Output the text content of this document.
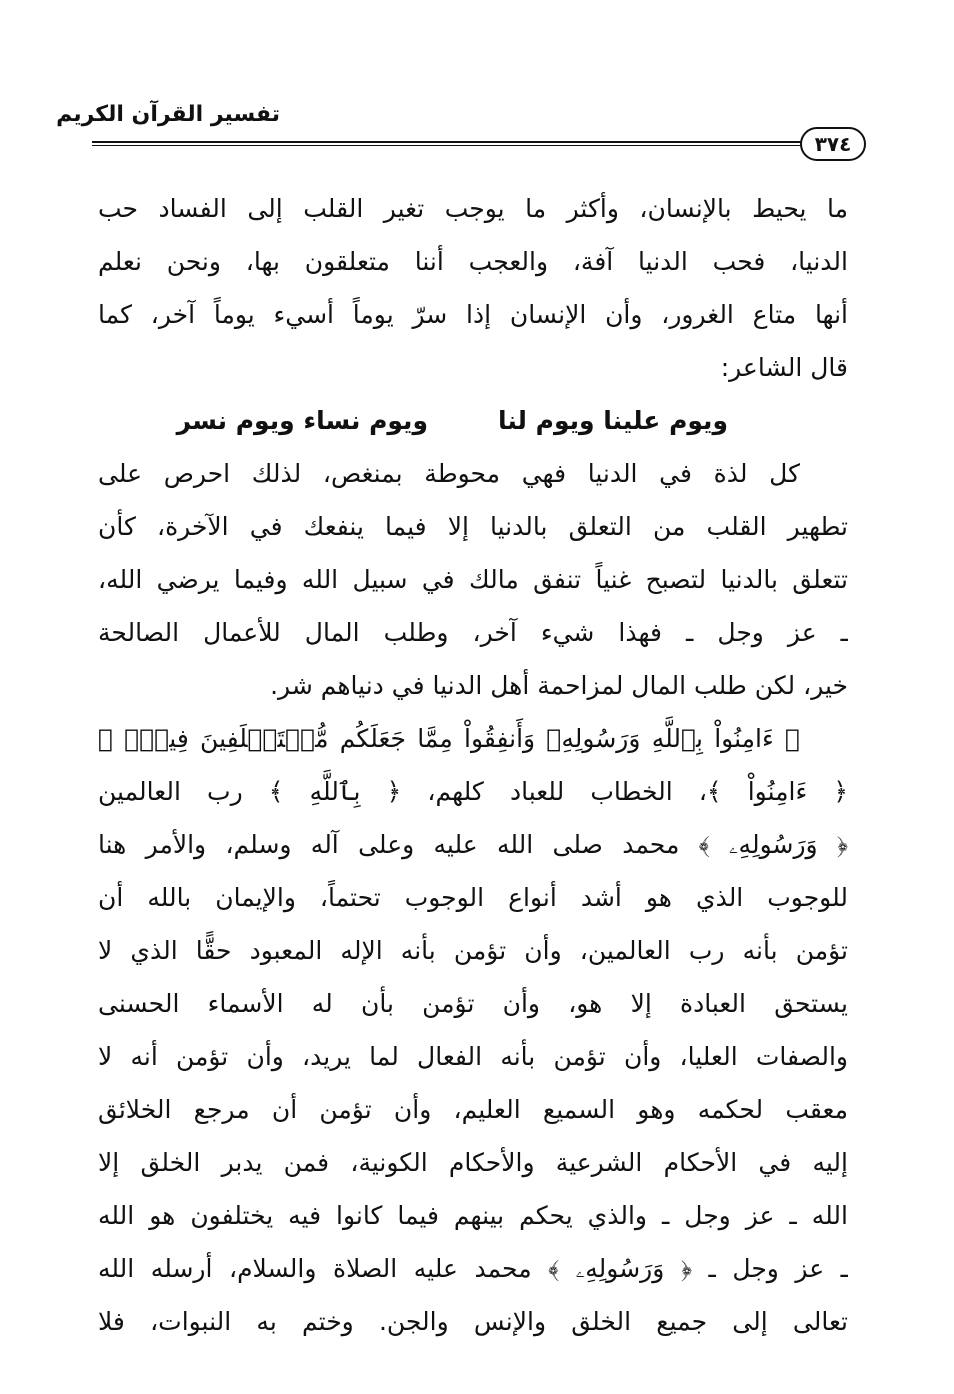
تفسير القرآن الكريم
٣٧٤
ما يحيط بالإنسان، وأكثر ما يوجب تغير القلب إلى الفساد حب
الدنيا، فحب الدنيا آفة، والعجب أننا متعلقون بها، ونحن نعلم
أنها متاع الغرور، وأن الإنسان إذا سرّ يوماً أسيء يوماً آخر، كما
قال الشاعر:
ويوم علينا ويوم لنا
ويوم نساء ويوم نسر
كل لذة في الدنيا فهي محوطة بمنغص، لذلك احرص على
تطهير القلب من التعلق بالدنيا إلا فيما ينفعك في الآخرة، كأن
تتعلق بالدنيا لتصبح غنياً تنفق مالك في سبيل الله وفيما يرضي الله،
ـ عز وجل ـ فهذا شيء آخر، وطلب المال للأعمال الصالحة
خير، لكن طلب المال لمزاحمة أهل الدنيا في دنياهم شر.
﴿ ءَامِنُواْ بِٱللَّهِ وَرَسُولِهِۦ وَأَنفِقُواْ مِمَّا جَعَلَكُم مُّسۡتَخۡلَفِينَ فِيهِۖ ﴾
﴿ ءَامِنُواْ ﴾، الخطاب للعباد كلهم، ﴿ بِٱللَّهِ ﴾ رب العالمين
﴿ وَرَسُولِهِۦ ﴾ محمد صلى الله عليه وعلى آله وسلم، والأمر هنا
للوجوب الذي هو أشد أنواع الوجوب تحتماً، والإيمان بالله أن
تؤمن بأنه رب العالمين، وأن تؤمن بأنه الإله المعبود حقًّا الذي لا
يستحق العبادة إلا هو، وأن تؤمن بأن له الأسماء الحسنى
والصفات العليا، وأن تؤمن بأنه الفعال لما يريد، وأن تؤمن أنه لا
معقب لحكمه وهو السميع العليم، وأن تؤمن أن مرجع الخلائق
إليه في الأحكام الشرعية والأحكام الكونية، فمن يدبر الخلق إلا
الله ـ عز وجل ـ والذي يحكم بينهم فيما كانوا فيه يختلفون هو الله
ـ عز وجل ـ ﴿ وَرَسُولِهِۦ ﴾ محمد عليه الصلاة والسلام، أرسله الله
تعالى إلى جميع الخلق والإنس والجن. وختم به النبوات، فلا
